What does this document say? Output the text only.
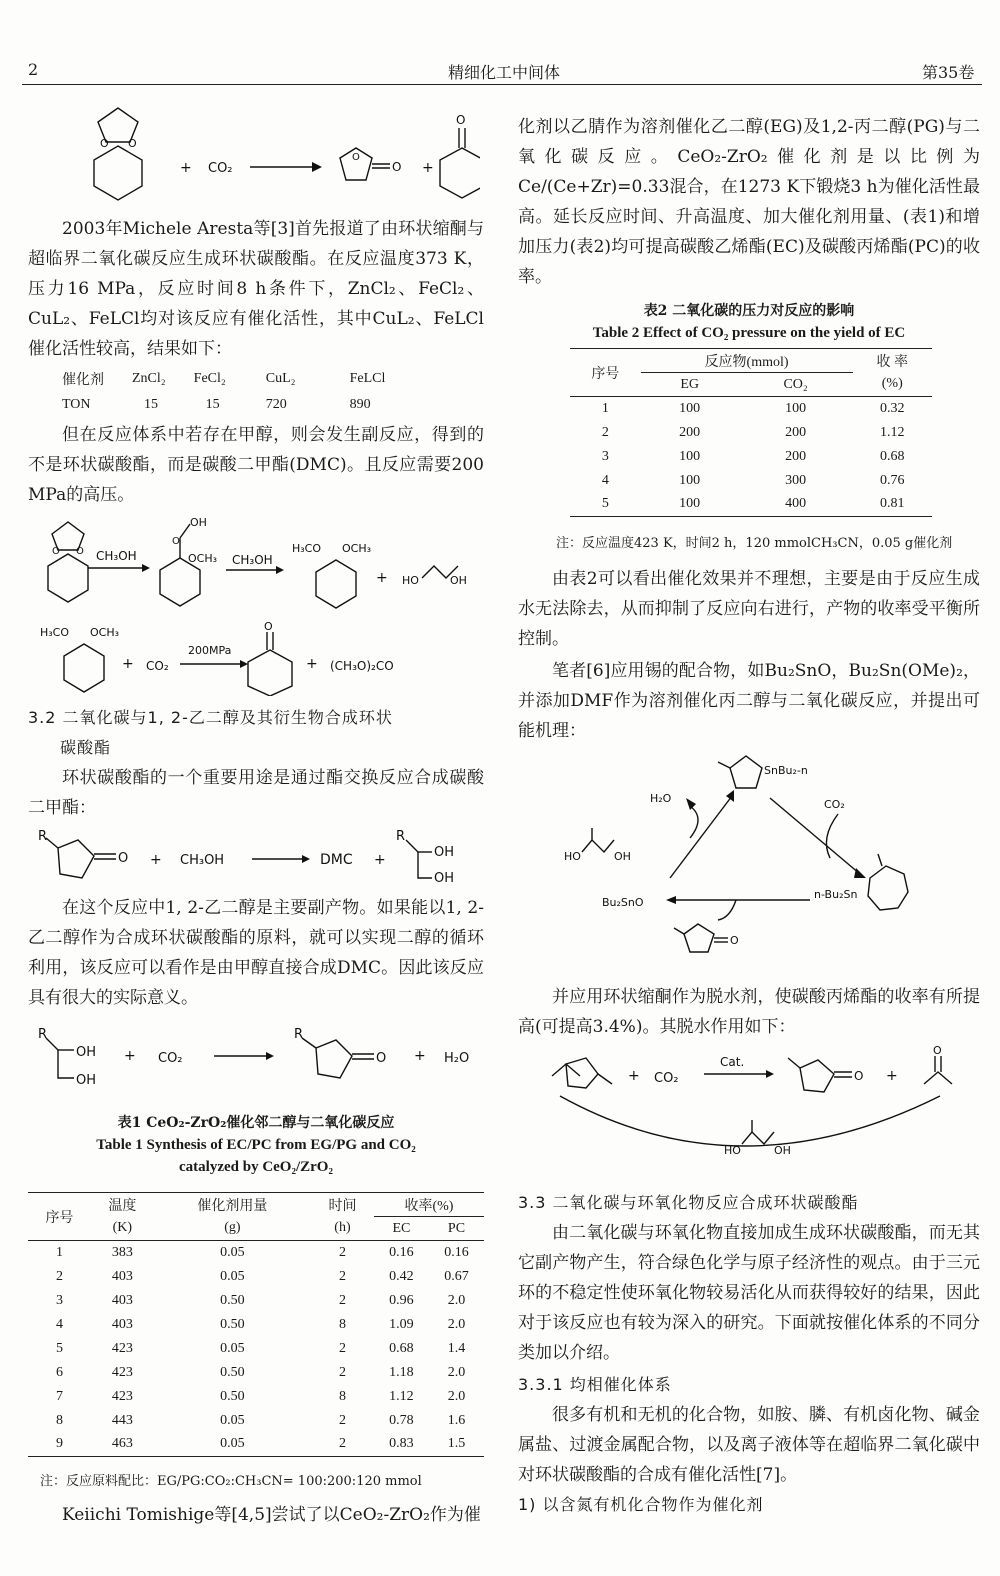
2	精细化工中间体	第35卷
O O
+ CO₂	O
O
+
O
2003年Michele Aresta等[3]首先报道了由环状缩酮与超临界二氧化碳反应生成环状碳酸酯。在反应温度373 K，压力16 MPa，反应时间8 h条件下，ZnCl₂、FeCl₂、CuL₂、FeLCl均对该反应有催化活性，其中CuL₂、FeLCl催化活性较高，结果如下：
催化剂	ZnCl₂	FeCl₂	CuL₂	FeLCl
TON	15	15	720	890
但在反应体系中若存在甲醇，则会发生副反应，得到的不是环状碳酸酯，而是碳酸二甲酯(DMC)。且反应需要200 MPa的高压。
O O CH₃OH
O
OH
OCH₃ CH₃OH
H₃CO OCH₃
+ HO	OH
H₃CO OCH₃
+ CO₂
200MPa
O
+ (CH₃O)₂CO
3.2 二氧化碳与1, 2-乙二醇及其衍生物合成环状
碳酸酯
环状碳酸酯的一个重要用途是通过酯交换反应合成碳酸二甲酯：
R
O + CH₃OH	DMC +
R
OH
OH
在这个反应中1, 2-乙二醇是主要副产物。如果能以1, 2-乙二醇作为合成环状碳酸酯的原料，就可以实现二醇的循环利用，该反应可以看作是由甲醇直接合成DMC。因此该反应具有很大的实际意义。
R
OH
OH
+ CO₂
R
O + H₂O
表1 CeO₂-ZrO₂催化邻二醇与二氧化碳反应
Table 1 Synthesis of EC/PC from EG/PG and CO₂
catalyzed by CeO₂/ZrO₂
序号	温度	催化剂用量	时间	收率(%)	
	(K)	(g)	(h)	EC	PC
1	383	0.05	2	0.16	0.16
2	403	0.05	2	0.42	0.67
3	403	0.50	2	0.96	2.0
4	403	0.50	8	1.09	2.0
5	423	0.05	2	0.68	1.4
6	423	0.50	2	1.18	2.0
7	423	0.50	8	1.12	2.0
8	443	0.05	2	0.78	1.6
9	463	0.05	2	0.83	1.5
注：反应原料配比：EG/PG:CO₂:CH₃CN= 100:200:120 mmol
Keiichi Tomishige等[4,5]尝试了以CeO₂-ZrO₂作为催
化剂以乙腈作为溶剂催化乙二醇(EG)及1,2-丙二醇(PG)与二氧化碳反应。CeO₂-ZrO₂催化剂是以比例为Ce/(Ce+Zr)=0.33混合，在1273 K下锻烧3 h为催化活性最高。延长反应时间、升高温度、加大催化剂用量、(表1)和增加压力(表2)均可提高碳酸乙烯酯(EC)及碳酸丙烯酯(PC)的收率。
表2 二氧化碳的压力对反应的影响
Table 2 Effect of CO₂ pressure on the yield of EC
序号	反应物(mmol)		收 率
	EG	CO₂	(%)
1	100	100	0.32
2	200	200	1.12
3	100	200	0.68
4	100	300	0.76
5	100	400	0.81
注：反应温度423 K，时间2 h，120 mmolCH₃CN，0.05 g催化剂
由表2可以看出催化效果并不理想，主要是由于反应生成水无法除去，从而抑制了反应向右进行，产物的收率受平衡所控制。
笔者[6]应用锡的配合物，如Bu₂SnO，Bu₂Sn(OMe)₂，并添加DMF作为溶剂催化丙二醇与二氧化碳反应，并提出可能机理：
SnBu₂-n
H₂O	CO₂
HO	OH
n-Bu₂Sn
Bu₂SnO
O
并应用环状缩酮作为脱水剂，使碳酸丙烯酯的收率有所提高(可提高3.4%)。其脱水作用如下：
+ CO₂
Cat.
O +
O
HO	OH
3.3 二氧化碳与环氧化物反应合成环状碳酸酯
由二氧化碳与环氧化物直接加成生成环状碳酸酯，而无其它副产物产生，符合绿色化学与原子经济性的观点。由于三元环的不稳定性使环氧化物较易活化从而获得较好的结果，因此对于该反应也有较为深入的研究。下面就按催化体系的不同分类加以介绍。
3.3.1 均相催化体系
很多有机和无机的化合物，如胺、膦、有机卤化物、碱金属盐、过渡金属配合物，以及离子液体等在超临界二氧化碳中对环状碳酸酯的合成有催化活性[7]。
1) 以含氮有机化合物作为催化剂
